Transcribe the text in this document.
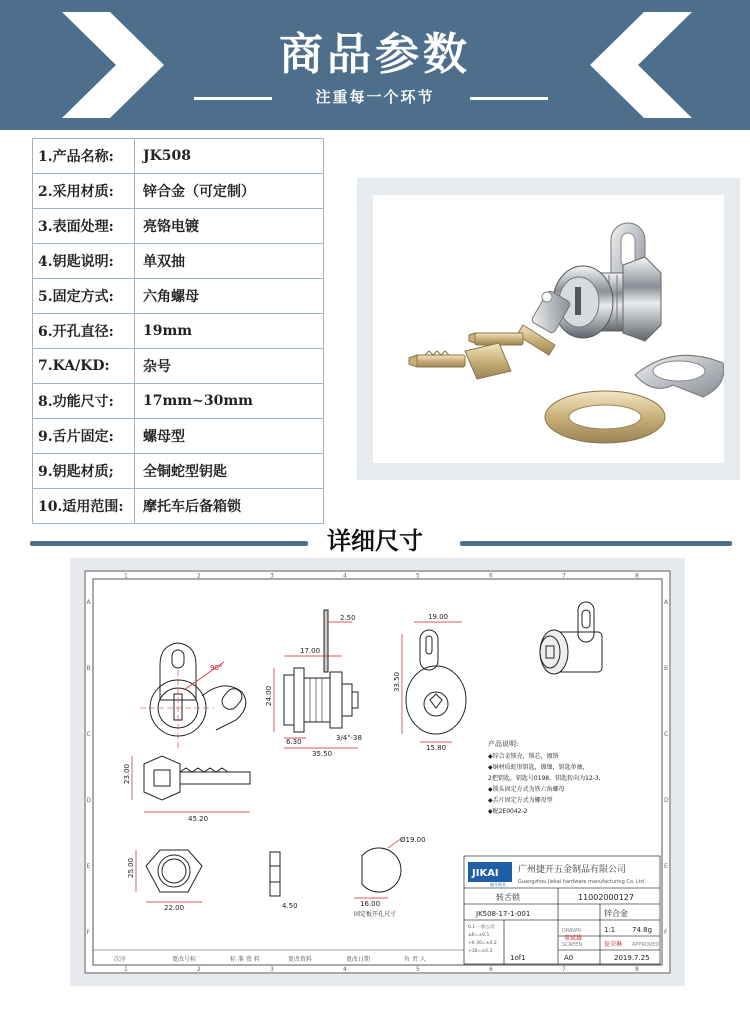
商品参数
注重每一个环节
1.产品名称:	JK508
2.采用材质:	锌合金（可定制）
3.表面处理:	亮铬电镀
4.钥匙说明:	单双抽
5.固定方式:	六角螺母
6.开孔直径:	19mm
7.KA/KD:	杂号
8.功能尺寸:	17mm~30mm
9.舌片固定:	螺母型
9.钥匙材质;	全铜蛇型钥匙
10.适用范围:	摩托车后备箱锁
详细尺寸
1
1
2
2
3
3
4
4
5
5
6
6
7
7
8
8
A	A
B	B
C	C
D	D
E	E
F	F
90°
17.00
24.00
6.30
35.50
3/4"-38
2.50	19.00
33.50
15.80
23.00
45.20
25.00
22.00	4.50
Ø19.00
16.00
固定板开孔尺寸
产品说明:
◆锌合金锁壳，锁芯，镀铬
◆铜材质蛇形钥匙，镀镍，钥匙单抽，
2把钥匙，钥匙号0198，钥匙转向为12-3,
◆锁头固定方式为铁六角螺母
◆舌片固定方式为螺母型
◆配2E0042-2
JIKAI
捷开锁具
广州捷开五金制品有限公司
Guangzhou Jiekai hardware manufacturing Co. Ltd
转舌锁	11002000127
JK508-17-1-001	锌合金
0.1-一般公差
≤6=±0.1
>6-30=±0.2
>30=±0.3
1:1 74.8g
DRAWN
SCREEN	APPROVED
董斌雄
夏荣琳
1of1	A0	2019.7.25
次序	更改号标	标 准 资 料	更改资料	更改日期	负 责 人
